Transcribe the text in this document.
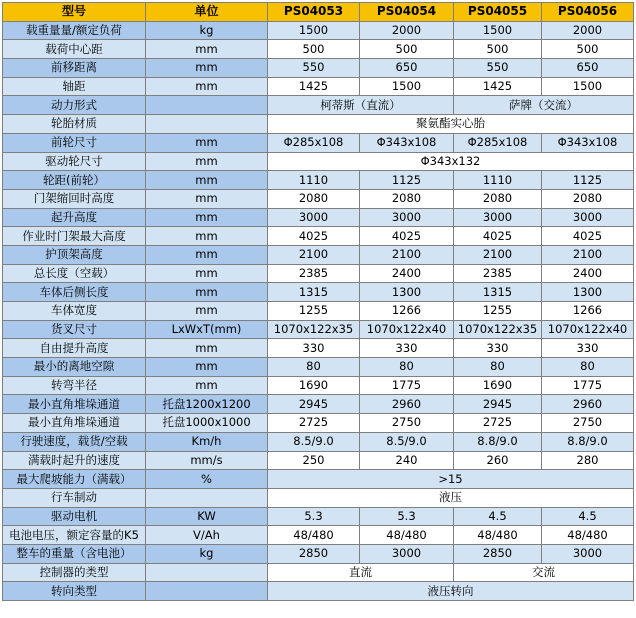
型号	单位	PS04053	PS04054	PS04055	PS04056
载重量量/额定负荷	kg	1500	2000	1500	2000
载荷中心距	mm	500	500	500	500
前移距离	mm	550	650	550	650
轴距	mm	1425	1500	1425	1500
动力形式		柯蒂斯（直流）		萨牌（交流）	
轮胎材质		聚氨酯实心胎			
前轮尺寸	mm	Φ285x108	Φ343x108	Φ285x108	Φ343x108
驱动轮尺寸	mm	Φ343x132			
轮距(前轮）	mm	1110	1125	1110	1125
门架缩回时高度	mm	2080	2080	2080	2080
起升高度	mm	3000	3000	3000	3000
作业时门架最大高度	mm	4025	4025	4025	4025
护顶架高度	mm	2100	2100	2100	2100
总长度（空载）	mm	2385	2400	2385	2400
车体后侧长度	mm	1315	1300	1315	1300
车体宽度	mm	1255	1266	1255	1266
货叉尺寸	LxWxT(mm)	1070x122x35	1070x122x40	1070x122x35	1070x122x40
自由提升高度	mm	330	330	330	330
最小的离地空隙	mm	80	80	80	80
转弯半径	mm	1690	1775	1690	1775
最小直角堆垛通道	托盘1200x1200	2945	2960	2945	2960
最小直角堆垛通道	托盘1000x1000	2725	2750	2725	2750
行驶速度，载货/空载	Km/h	8.5/9.0	8.5/9.0	8.8/9.0	8.8/9.0
满载时起升的速度	mm/s	250	240	260	280
最大爬坡能力（满载）	%	>15			
行车制动		液压			
驱动电机	KW	5.3	5.3	4.5	4.5
电池电压，额定容量的K5	V/Ah	48/480	48/480	48/480	48/480
整车的重量（含电池）	kg	2850	3000	2850	3000
控制器的类型		直流		交流	
转向类型		液压转向			
